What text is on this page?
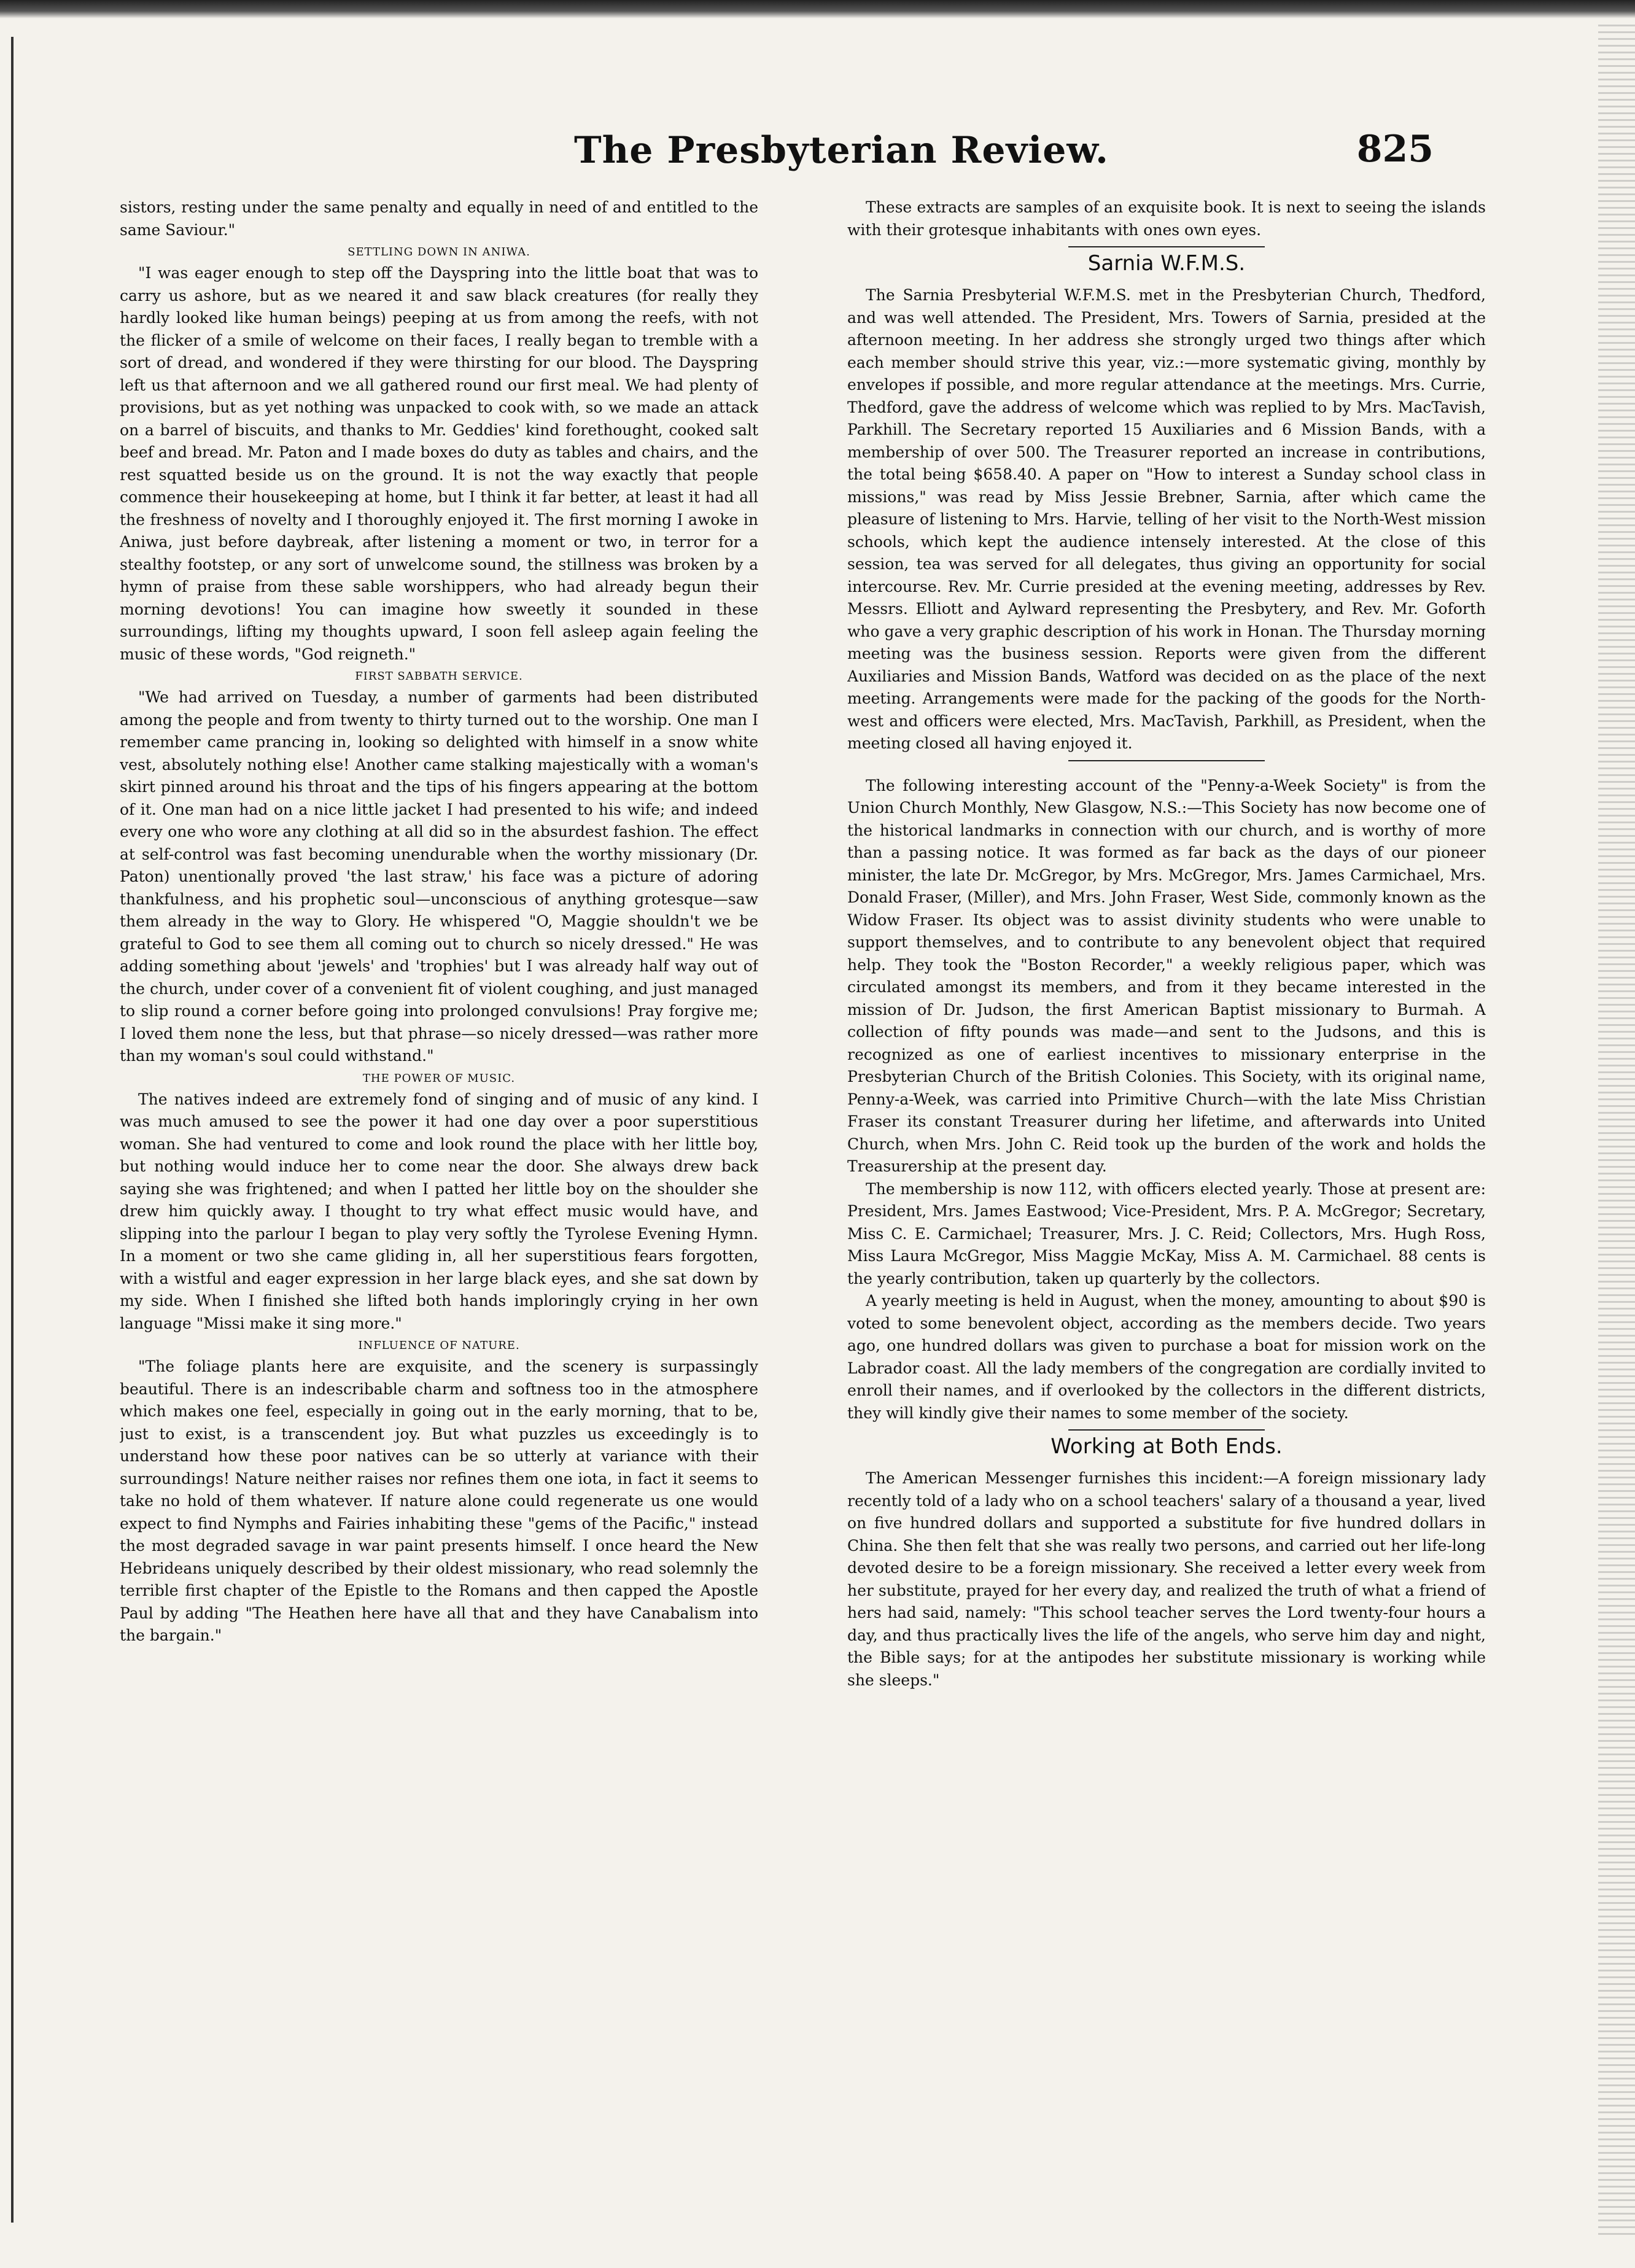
The Presbyterian Review.	825

sistors, resting under the same penalty and equally in need of and entitled to the same Saviour."

SETTLING DOWN IN ANIWA.

"I was eager enough to step off the Dayspring into the little boat that was to carry us ashore, but as we neared it and saw black creatures (for really they hardly looked like human beings) peeping at us from among the reefs, with not the flicker of a smile of welcome on their faces, I really began to tremble with a sort of dread, and wondered if they were thirsting for our blood. The Dayspring left us that afternoon and we all gathered round our first meal. We had plenty of provisions, but as yet nothing was unpacked to cook with, so we made an attack on a barrel of biscuits, and thanks to Mr. Geddies' kind forethought, cooked salt beef and bread. Mr. Paton and I made boxes do duty as tables and chairs, and the rest squatted beside us on the ground. It is not the way exactly that people commence their housekeeping at home, but I think it far better, at least it had all the freshness of novelty and I thoroughly enjoyed it. The first morning I awoke in Aniwa, just before daybreak, after listening a moment or two, in terror for a stealthy footstep, or any sort of unwelcome sound, the stillness was broken by a hymn of praise from these sable worshippers, who had already begun their morning devotions! You can imagine how sweetly it sounded in these surroundings, lifting my thoughts upward, I soon fell asleep again feeling the music of these words, "God reigneth."

FIRST SABBATH SERVICE.

"We had arrived on Tuesday, a number of garments had been distributed among the people and from twenty to thirty turned out to the worship. One man I remember came prancing in, looking so delighted with himself in a snow white vest, absolutely nothing else! Another came stalking majestically with a woman's skirt pinned around his throat and the tips of his fingers appearing at the bottom of it. One man had on a nice little jacket I had presented to his wife; and indeed every one who wore any clothing at all did so in the absurdest fashion. The effect at self-control was fast becoming unendurable when the worthy missionary (Dr. Paton) unentionally proved 'the last straw,' his face was a picture of adoring thankfulness, and his prophetic soul—unconscious of anything grotesque—saw them already in the way to Glory. He whispered "O, Maggie shouldn't we be grateful to God to see them all coming out to church so nicely dressed." He was adding something about 'jewels' and 'trophies' but I was already half way out of the church, under cover of a convenient fit of violent coughing, and just managed to slip round a corner before going into prolonged convulsions! Pray forgive me; I loved them none the less, but that phrase—so nicely dressed—was rather more than my woman's soul could withstand."

THE POWER OF MUSIC.

The natives indeed are extremely fond of singing and of music of any kind. I was much amused to see the power it had one day over a poor superstitious woman. She had ventured to come and look round the place with her little boy, but nothing would induce her to come near the door. She always drew back saying she was frightened; and when I patted her little boy on the shoulder she drew him quickly away. I thought to try what effect music would have, and slipping into the parlour I began to play very softly the Tyrolese Evening Hymn. In a moment or two she came gliding in, all her superstitious fears forgotten, with a wistful and eager expression in her large black eyes, and she sat down by my side. When I finished she lifted both hands imploringly crying in her own language "Missi make it sing more."

INFLUENCE OF NATURE.

"The foliage plants here are exquisite, and the scenery is surpassingly beautiful. There is an indescribable charm and softness too in the atmosphere which makes one feel, especially in going out in the early morning, that to be, just to exist, is a transcendent joy. But what puzzles us exceedingly is to understand how these poor natives can be so utterly at variance with their surroundings! Nature neither raises nor refines them one iota, in fact it seems to take no hold of them whatever. If nature alone could regenerate us one would expect to find Nymphs and Fairies inhabiting these "gems of the Pacific," instead the most degraded savage in war paint presents himself. I once heard the New Hebrideans uniquely described by their oldest missionary, who read solemnly the terrible first chapter of the Epistle to the Romans and then capped the Apostle Paul by adding "The Heathen here have all that and they have Canabalism into the bargain."

These extracts are samples of an exquisite book. It is next to seeing the islands with their grotesque inhabitants with ones own eyes.

Sarnia W.F.M.S.

The Sarnia Presbyterial W.F.M.S. met in the Presbyterian Church, Thedford, and was well attended. The President, Mrs. Towers of Sarnia, presided at the afternoon meeting. In her address she strongly urged two things after which each member should strive this year, viz.:—more systematic giving, monthly by envelopes if possible, and more regular attendance at the meetings. Mrs. Currie, Thedford, gave the address of welcome which was replied to by Mrs. MacTavish, Parkhill. The Secretary reported 15 Auxiliaries and 6 Mission Bands, with a membership of over 500. The Treasurer reported an increase in contributions, the total being $658.40. A paper on "How to interest a Sunday school class in missions," was read by Miss Jessie Brebner, Sarnia, after which came the pleasure of listening to Mrs. Harvie, telling of her visit to the North-West mission schools, which kept the audience intensely interested. At the close of this session, tea was served for all delegates, thus giving an opportunity for social intercourse. Rev. Mr. Currie presided at the evening meeting, addresses by Rev. Messrs. Elliott and Aylward representing the Presbytery, and Rev. Mr. Goforth who gave a very graphic description of his work in Honan. The Thursday morning meeting was the business session. Reports were given from the different Auxiliaries and Mission Bands, Watford was decided on as the place of the next meeting. Arrangements were made for the packing of the goods for the North-west and officers were elected, Mrs. MacTavish, Parkhill, as President, when the meeting closed all having enjoyed it.

The following interesting account of the "Penny-a-Week Society" is from the Union Church Monthly, New Glasgow, N.S.:—This Society has now become one of the historical landmarks in connection with our church, and is worthy of more than a passing notice. It was formed as far back as the days of our pioneer minister, the late Dr. McGregor, by Mrs. McGregor, Mrs. James Carmichael, Mrs. Donald Fraser, (Miller), and Mrs. John Fraser, West Side, commonly known as the Widow Fraser. Its object was to assist divinity students who were unable to support themselves, and to contribute to any benevolent object that required help. They took the "Boston Recorder," a weekly religious paper, which was circulated amongst its members, and from it they became interested in the mission of Dr. Judson, the first American Baptist missionary to Burmah. A collection of fifty pounds was made—and sent to the Judsons, and this is recognized as one of earliest incentives to missionary enterprise in the Presbyterian Church of the British Colonies. This Society, with its original name, Penny-a-Week, was carried into Primitive Church—with the late Miss Christian Fraser its constant Treasurer during her lifetime, and afterwards into United Church, when Mrs. John C. Reid took up the burden of the work and holds the Treasurership at the present day.

The membership is now 112, with officers elected yearly. Those at present are: President, Mrs. James Eastwood; Vice-President, Mrs. P. A. McGregor; Secretary, Miss C. E. Carmichael; Treasurer, Mrs. J. C. Reid; Collectors, Mrs. Hugh Ross, Miss Laura McGregor, Miss Maggie McKay, Miss A. M. Carmichael. 88 cents is the yearly contribution, taken up quarterly by the collectors.

A yearly meeting is held in August, when the money, amounting to about $90 is voted to some benevolent object, according as the members decide. Two years ago, one hundred dollars was given to purchase a boat for mission work on the Labrador coast. All the lady members of the congregation are cordially invited to enroll their names, and if overlooked by the collectors in the different districts, they will kindly give their names to some member of the society.

Working at Both Ends.

The American Messenger furnishes this incident:—A foreign missionary lady recently told of a lady who on a school teachers' salary of a thousand a year, lived on five hundred dollars and supported a substitute for five hundred dollars in China. She then felt that she was really two persons, and carried out her life-long devoted desire to be a foreign missionary. She received a letter every week from her substitute, prayed for her every day, and realized the truth of what a friend of hers had said, namely: "This school teacher serves the Lord twenty-four hours a day, and thus practically lives the life of the angels, who serve him day and night, the Bible says; for at the antipodes her substitute missionary is working while she sleeps."
